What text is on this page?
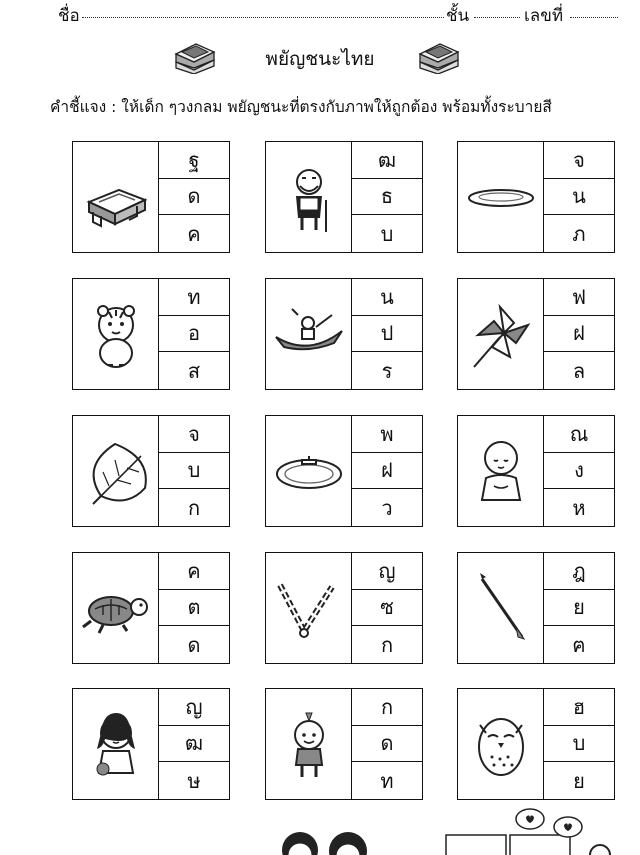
ชื่อ	ชั้น	เลขที่
พยัญชนะไทย
คำชี้แจง : ให้เด็ก ๆวงกลม พยัญชนะที่ตรงกับภาพให้ถูกต้อง พร้อมทั้งระบายสี
ฐ
ด
ค
ฒ
ธ
บ
จ
น
ภ
ท
อ
ส
น
ป
ร
ฟ
ฝ
ล
จ
บ
ก
พ
ฝ
ว
ณ
ง
ห
ค
ต
ด
ญ
ซ
ก
ฎ
ย
ฅ
ญ
ฒ
ษ
ก
ด
ท
ฮ
บ
ย
